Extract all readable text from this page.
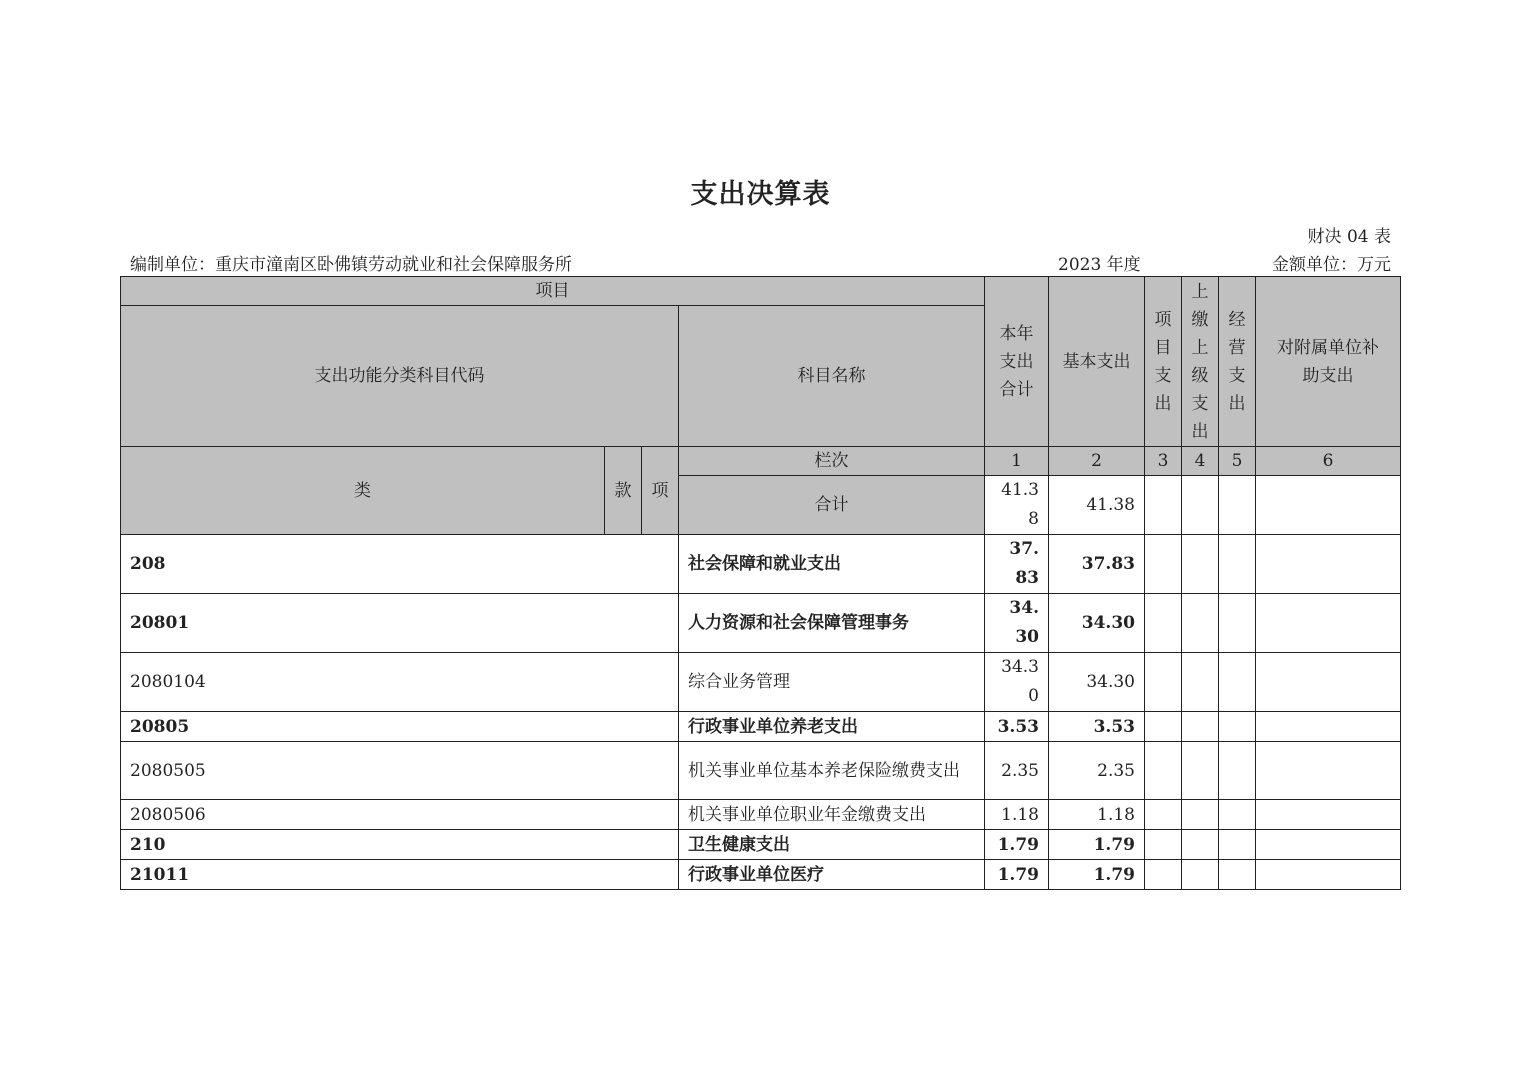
支出决算表
财决 04 表
编制单位：重庆市潼南区卧佛镇劳动就业和社会保障服务所	2023 年度	金额单位：万元
项目				本年支出合计	基本支出	项目支出	上缴上级支出	经营支出	对附属单位补助支出

支出功能分类科目代码			科目名称						
类	款	项	栏次	1	2	3	4	5	6
			合计	41.38	41.38				
208			社会保障和就业支出	37.83	37.83				
20801			人力资源和社会保障管理事务	34.30	34.30				
2080104			综合业务管理	34.30	34.30				
20805			行政事业单位养老支出	3.53	3.53				
2080505			机关事业单位基本养老保险缴费支出	2.35	2.35				
2080506			机关事业单位职业年金缴费支出	1.18	1.18				
210			卫生健康支出	1.79	1.79				
21011			行政事业单位医疗	1.79	1.79				
